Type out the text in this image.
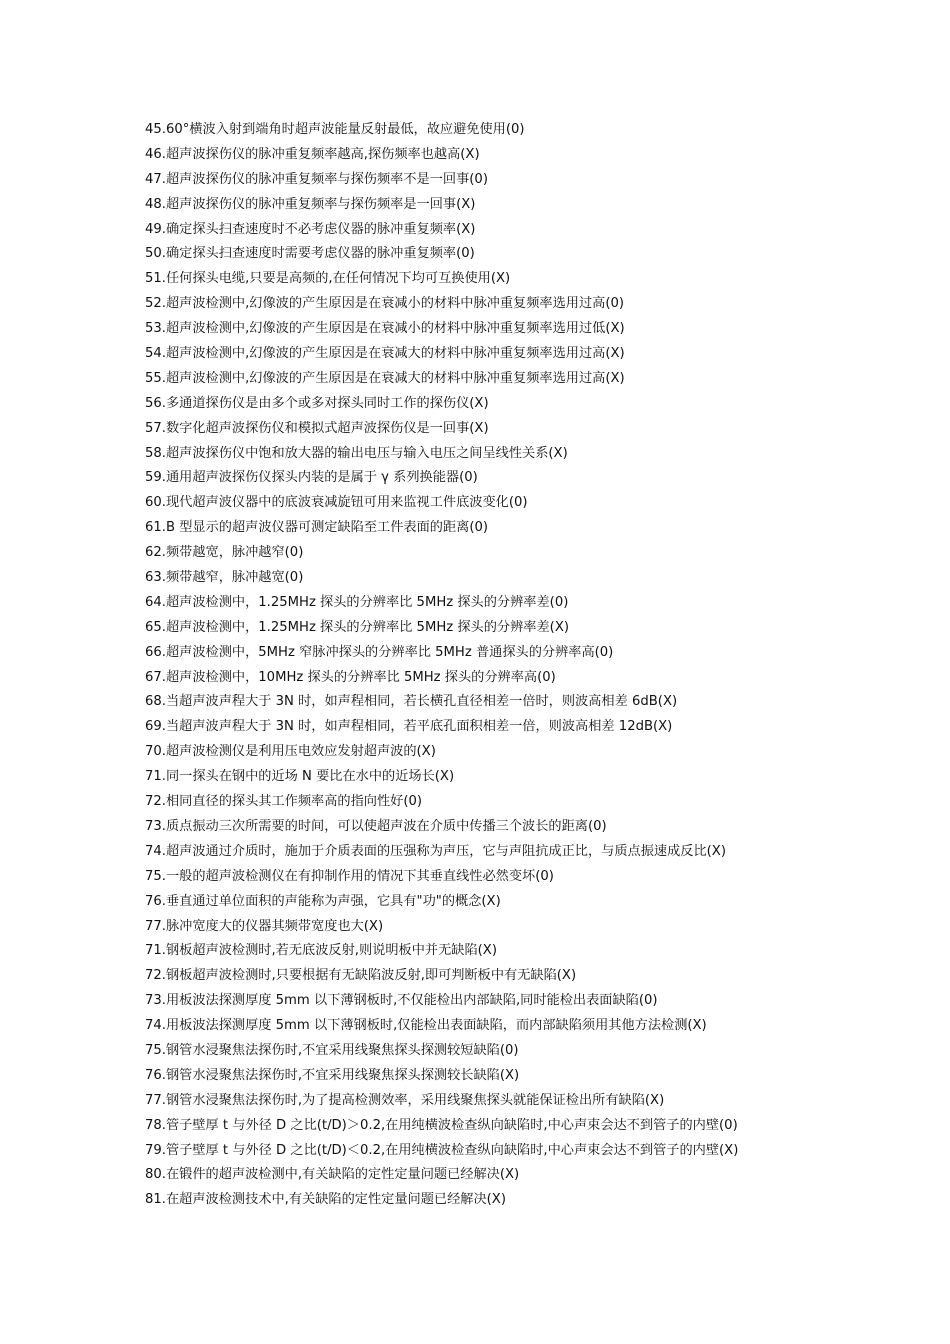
45.60°横波入射到端角时超声波能量反射最低，故应避免使用(0)
46.超声波探伤仪的脉冲重复频率越高,探伤频率也越高(X)
47.超声波探伤仪的脉冲重复频率与探伤频率不是一回事(0)
48.超声波探伤仪的脉冲重复频率与探伤频率是一回事(X)
49.确定探头扫查速度时不必考虑仪器的脉冲重复频率(X)
50.确定探头扫查速度时需要考虑仪器的脉冲重复频率(0)
51.任何探头电缆,只要是高频的,在任何情况下均可互换使用(X)
52.超声波检测中,幻像波的产生原因是在衰减小的材料中脉冲重复频率选用过高(0)
53.超声波检测中,幻像波的产生原因是在衰减小的材料中脉冲重复频率选用过低(X)
54.超声波检测中,幻像波的产生原因是在衰减大的材料中脉冲重复频率选用过高(X)
55.超声波检测中,幻像波的产生原因是在衰减大的材料中脉冲重复频率选用过高(X)
56.多通道探伤仪是由多个或多对探头同时工作的探伤仪(X)
57.数字化超声波探伤仪和模拟式超声波探伤仪是一回事(X)
58.超声波探伤仪中饱和放大器的输出电压与输入电压之间呈线性关系(X)
59.通用超声波探伤仪探头内装的是属于 γ 系列换能器(0)
60.现代超声波仪器中的底波衰减旋钮可用来监视工件底波变化(0)
61.B 型显示的超声波仪器可测定缺陷至工件表面的距离(0)
62.频带越宽，脉冲越窄(0)
63.频带越窄，脉冲越宽(0)
64.超声波检测中，1.25MHz 探头的分辨率比 5MHz 探头的分辨率差(0)
65.超声波检测中，1.25MHz 探头的分辨率比 5MHz 探头的分辨率差(X)
66.超声波检测中，5MHz 窄脉冲探头的分辨率比 5MHz 普通探头的分辨率高(0)
67.超声波检测中，10MHz 探头的分辨率比 5MHz 探头的分辨率高(0)
68.当超声波声程大于 3N 时，如声程相同，若长横孔直径相差一倍时，则波高相差 6dB(X)
69.当超声波声程大于 3N 时，如声程相同，若平底孔面积相差一倍，则波高相差 12dB(X)
70.超声波检测仪是利用压电效应发射超声波的(X)
71.同一探头在钢中的近场 N 要比在水中的近场长(X)
72.相同直径的探头其工作频率高的指向性好(0)
73.质点振动三次所需要的时间，可以使超声波在介质中传播三个波长的距离(0)
74.超声波通过介质时，施加于介质表面的压强称为声压，它与声阻抗成正比，与质点振速成反比(X)
75.一般的超声波检测仪在有抑制作用的情况下其垂直线性必然变坏(0)
76.垂直通过单位面积的声能称为声强，它具有"功"的概念(X)
77.脉冲宽度大的仪器其频带宽度也大(X)
71.钢板超声波检测时,若无底波反射,则说明板中并无缺陷(X)
72.钢板超声波检测时,只要根据有无缺陷波反射,即可判断板中有无缺陷(X)
73.用板波法探测厚度 5mm 以下薄钢板时,不仅能检出内部缺陷,同时能检出表面缺陷(0)
74.用板波法探测厚度 5mm 以下薄钢板时,仅能检出表面缺陷，而内部缺陷须用其他方法检测(X)
75.钢管水浸聚焦法探伤时,不宜采用线聚焦探头探测较短缺陷(0)
76.钢管水浸聚焦法探伤时,不宜采用线聚焦探头探测较长缺陷(X)
77.钢管水浸聚焦法探伤时,为了提高检测效率，采用线聚焦探头就能保证检出所有缺陷(X)
78.管子壁厚 t 与外径 D 之比(t/D)＞0.2,在用纯横波检查纵向缺陷时,中心声束会达不到管子的内壁(0)
79.管子壁厚 t 与外径 D 之比(t/D)＜0.2,在用纯横波检查纵向缺陷时,中心声束会达不到管子的内壁(X)
80.在锻件的超声波检测中,有关缺陷的定性定量问题已经解决(X)
81.在超声波检测技术中,有关缺陷的定性定量问题已经解决(X)
